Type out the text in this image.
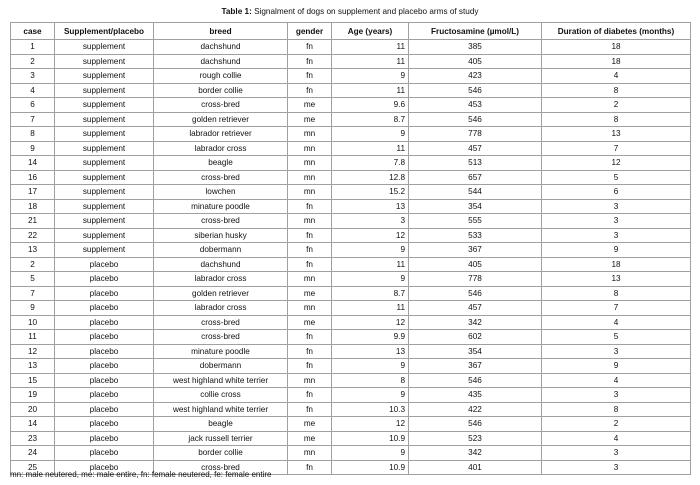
Table 1: Signalment of dogs on supplement and placebo arms of study
case	Supplement/placebo	breed	gender	Age (years)	Fructosamine (µmol/L)	Duration of diabetes (months)
1	supplement	dachshund	fn	11	385	18
2	supplement	dachshund	fn	11	405	18
3	supplement	rough collie	fn	9	423	4
4	supplement	border collie	fn	11	546	8
6	supplement	cross-bred	me	9.6	453	2
7	supplement	golden retriever	me	8.7	546	8
8	supplement	labrador retriever	mn	9	778	13
9	supplement	labrador cross	mn	11	457	7
14	supplement	beagle	mn	7.8	513	12
16	supplement	cross-bred	mn	12.8	657	5
17	supplement	lowchen	mn	15.2	544	6
18	supplement	minature poodle	fn	13	354	3
21	supplement	cross-bred	mn	3	555	3
22	supplement	siberian husky	fn	12	533	3
13	supplement	dobermann	fn	9	367	9
2	placebo	dachshund	fn	11	405	18
5	placebo	labrador cross	mn	9	778	13
7	placebo	golden retriever	me	8.7	546	8
9	placebo	labrador cross	mn	11	457	7
10	placebo	cross-bred	me	12	342	4
11	placebo	cross-bred	fn	9.9	602	5
12	placebo	minature poodle	fn	13	354	3
13	placebo	dobermann	fn	9	367	9
15	placebo	west highland white terrier	mn	8	546	4
19	placebo	collie cross	fn	9	435	3
20	placebo	west highland white terrier	fn	10.3	422	8
14	placebo	beagle	me	12	546	2
23	placebo	jack russell terrier	me	10.9	523	4
24	placebo	border collie	mn	9	342	3
25	placebo	cross-bred	fn	10.9	401	3
mn: male neutered, me: male entire, fn: female neutered, fe: female entire
